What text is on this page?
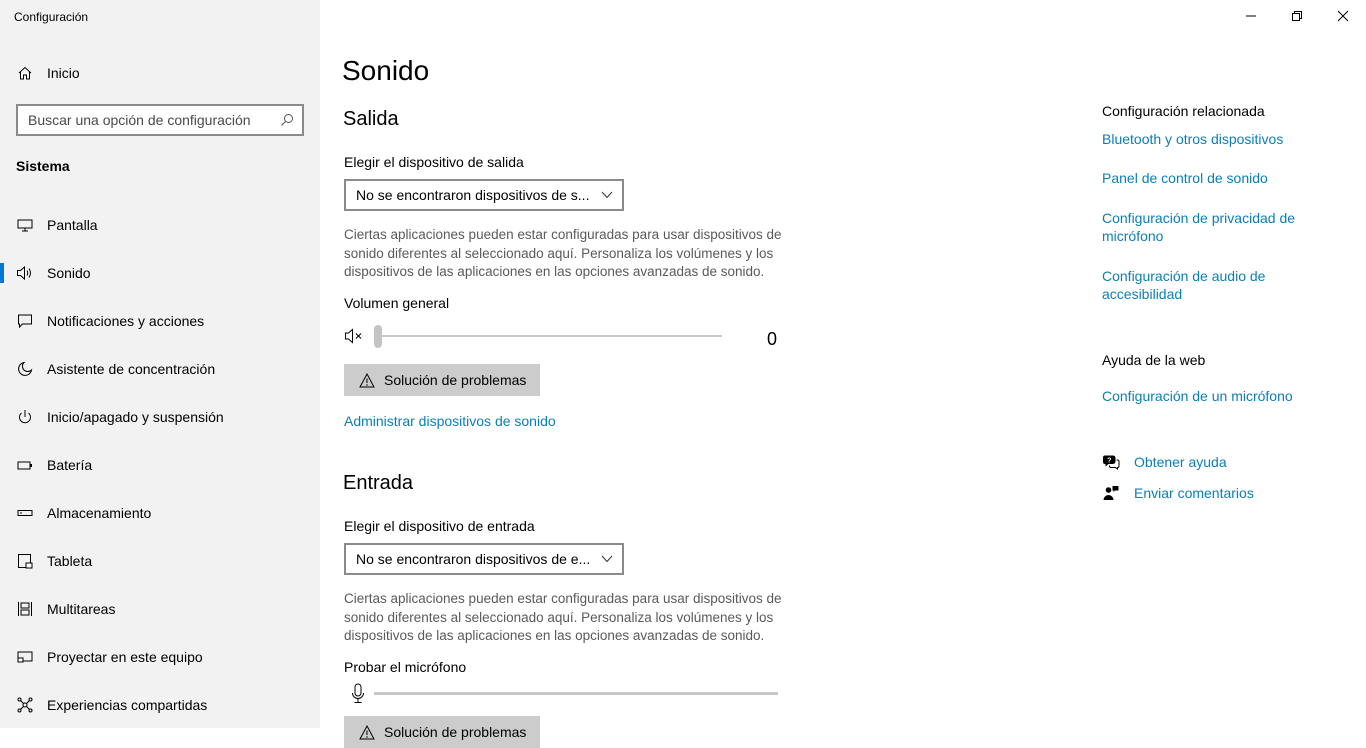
Configuración
Inicio
Buscar una opción de configuración
Sistema
Pantalla
Sonido
Notificaciones y acciones
Asistente de concentración
Inicio/apagado y suspensión
Batería
Almacenamiento
Tableta
Multitareas
Proyectar en este equipo
Experiencias compartidas
Sonido
Salida
Elegir el dispositivo de salida
No se encontraron dispositivos de s...
Ciertas aplicaciones pueden estar configuradas para usar dispositivos de sonido diferentes al seleccionado aquí. Personaliza los volúmenes y los dispositivos de las aplicaciones en las opciones avanzadas de sonido.
Volumen general
0
Solución de problemas
Administrar dispositivos de sonido
Entrada
Elegir el dispositivo de entrada
No se encontraron dispositivos de e...
Ciertas aplicaciones pueden estar configuradas para usar dispositivos de sonido diferentes al seleccionado aquí. Personaliza los volúmenes y los dispositivos de las aplicaciones en las opciones avanzadas de sonido.
Probar el micrófono
Solución de problemas
Configuración relacionada
Bluetooth y otros dispositivos
Panel de control de sonido
Configuración de privacidad de micrófono
Configuración de audio de accesibilidad
Ayuda de la web
Configuración de un micrófono
? Obtener ayuda
Enviar comentarios
